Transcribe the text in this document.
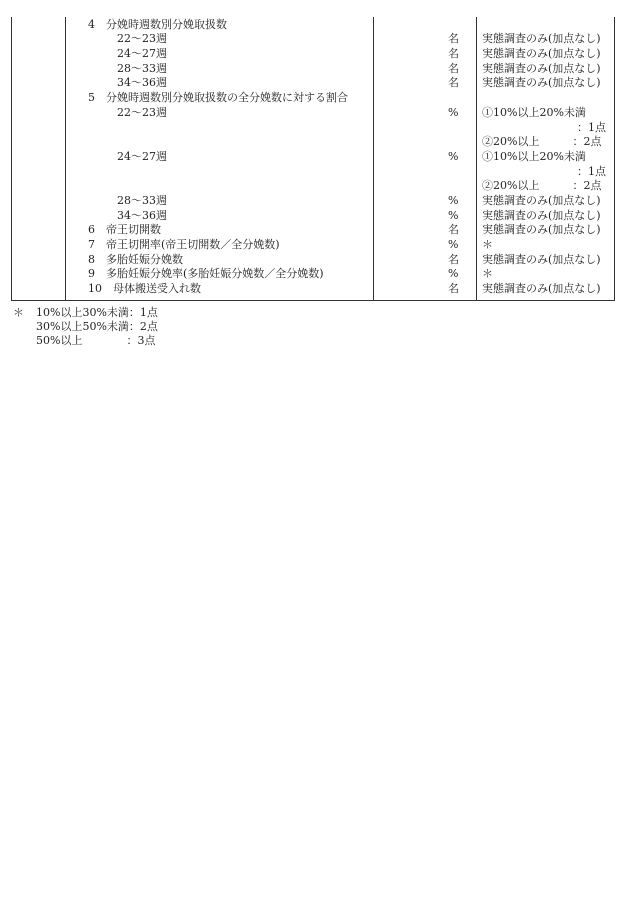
4　分娩時週数別分娩取扱数
22〜23週
24〜27週
28〜33週
34〜36週
5　分娩時週数別分娩取扱数の全分娩数に対する割合
22〜23週
24〜27週
28〜33週
34〜36週
6　帝王切開数
7　帝王切開率(帝王切開数／全分娩数)
8　多胎妊娠分娩数
9　多胎妊娠分娩率(多胎妊娠分娩数／全分娩数)
10　母体搬送受入れ数
名
名
名
名
%
%
%
%
名
%
名
%
名
実態調査のみ(加点なし)
実態調査のみ(加点なし)
実態調査のみ(加点なし)
実態調査のみ(加点なし)
①10%以上20%未満
：1点
②20%以上　　　：2点
①10%以上20%未満
：1点
②20%以上　　　：2点
実態調査のみ(加点なし)
実態調査のみ(加点なし)
実態調査のみ(加点なし)
＊
実態調査のみ(加点なし)
＊
実態調査のみ(加点なし)
＊ 10%以上30%未満：1点
30%以上50%未満：2点
50%以上　　　　：3点
